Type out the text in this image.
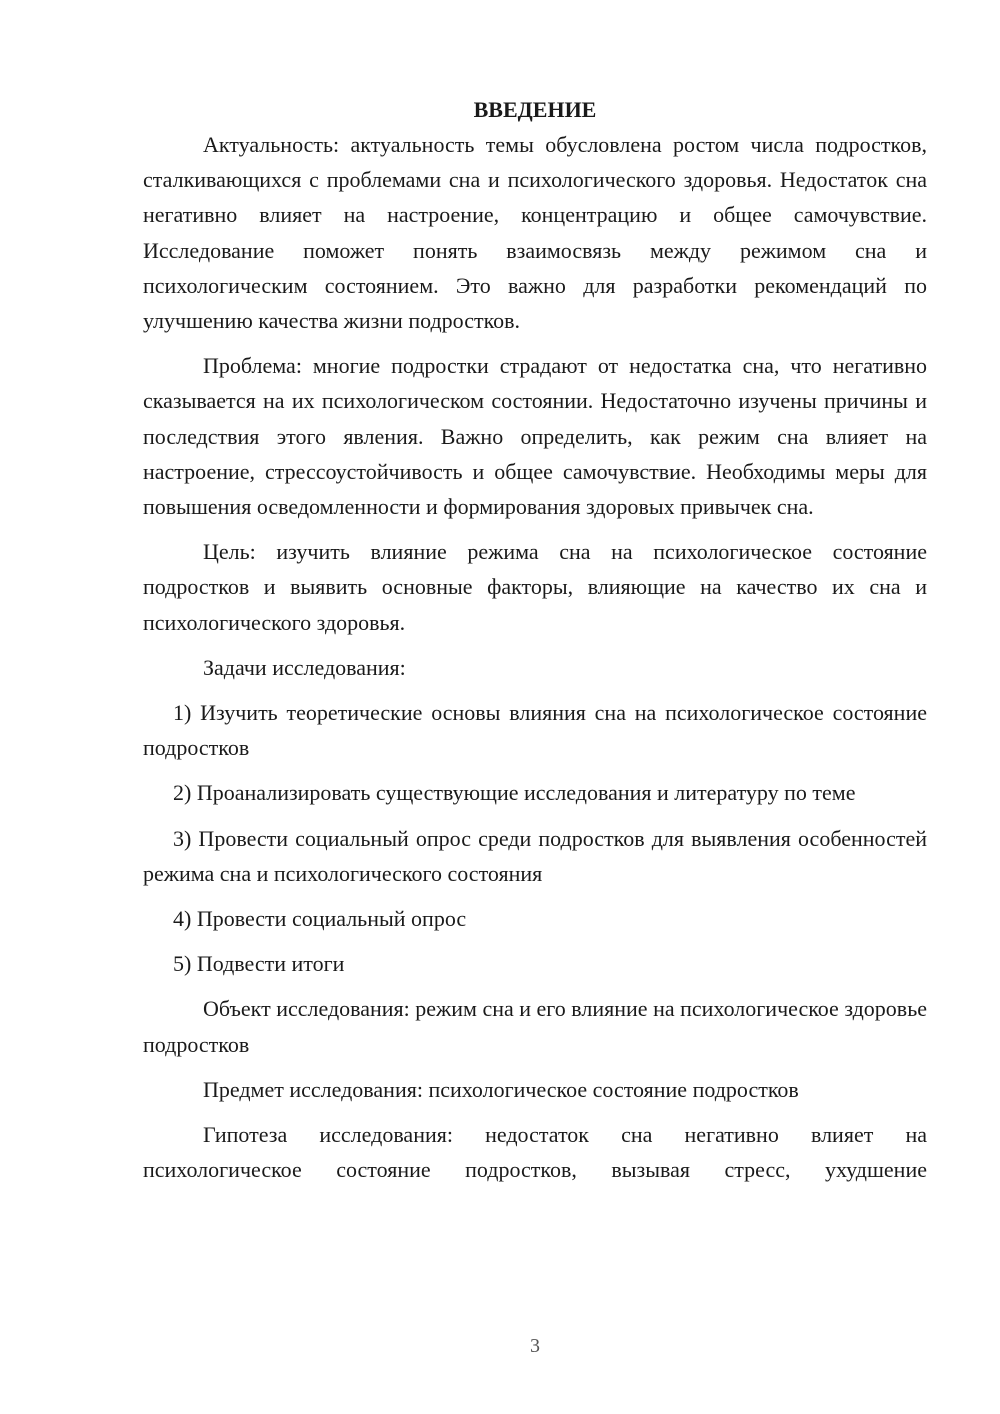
ВВЕДЕНИЕ

Актуальность: актуальность темы обусловлена ростом числа подростков, сталкивающихся с проблемами сна и психологического здоровья. Недостаток сна негативно влияет на настроение, концентрацию и общее самочувствие. Исследование поможет понять взаимосвязь между режимом сна и психологическим состоянием. Это важно для разработки рекомендаций по улучшению качества жизни подростков.

Проблема: многие подростки страдают от недостатка сна, что негативно сказывается на их психологическом состоянии. Недостаточно изучены причины и последствия этого явления. Важно определить, как режим сна влияет на настроение, стрессоустойчивость и общее самочувствие. Необходимы меры для повышения осведомленности и формирования здоровых привычек сна.

Цель: изучить влияние режима сна на психологическое состояние подростков и выявить основные факторы, влияющие на качество их сна и психологического здоровья.

Задачи исследования:

1) Изучить теоретические основы влияния сна на психологическое состояние подростков

2) Проанализировать существующие исследования и литературу по теме

3) Провести социальный опрос среди подростков для выявления особенностей режима сна и психологического состояния

4) Провести социальный опрос

5) Подвести итоги

Объект исследования: режим сна и его влияние на психологическое здоровье подростков

Предмет исследования: психологическое состояние подростков

Гипотеза исследования: недостаток сна негативно влияет на психологическое состояние подростков, вызывая стресс, ухудшение

3
